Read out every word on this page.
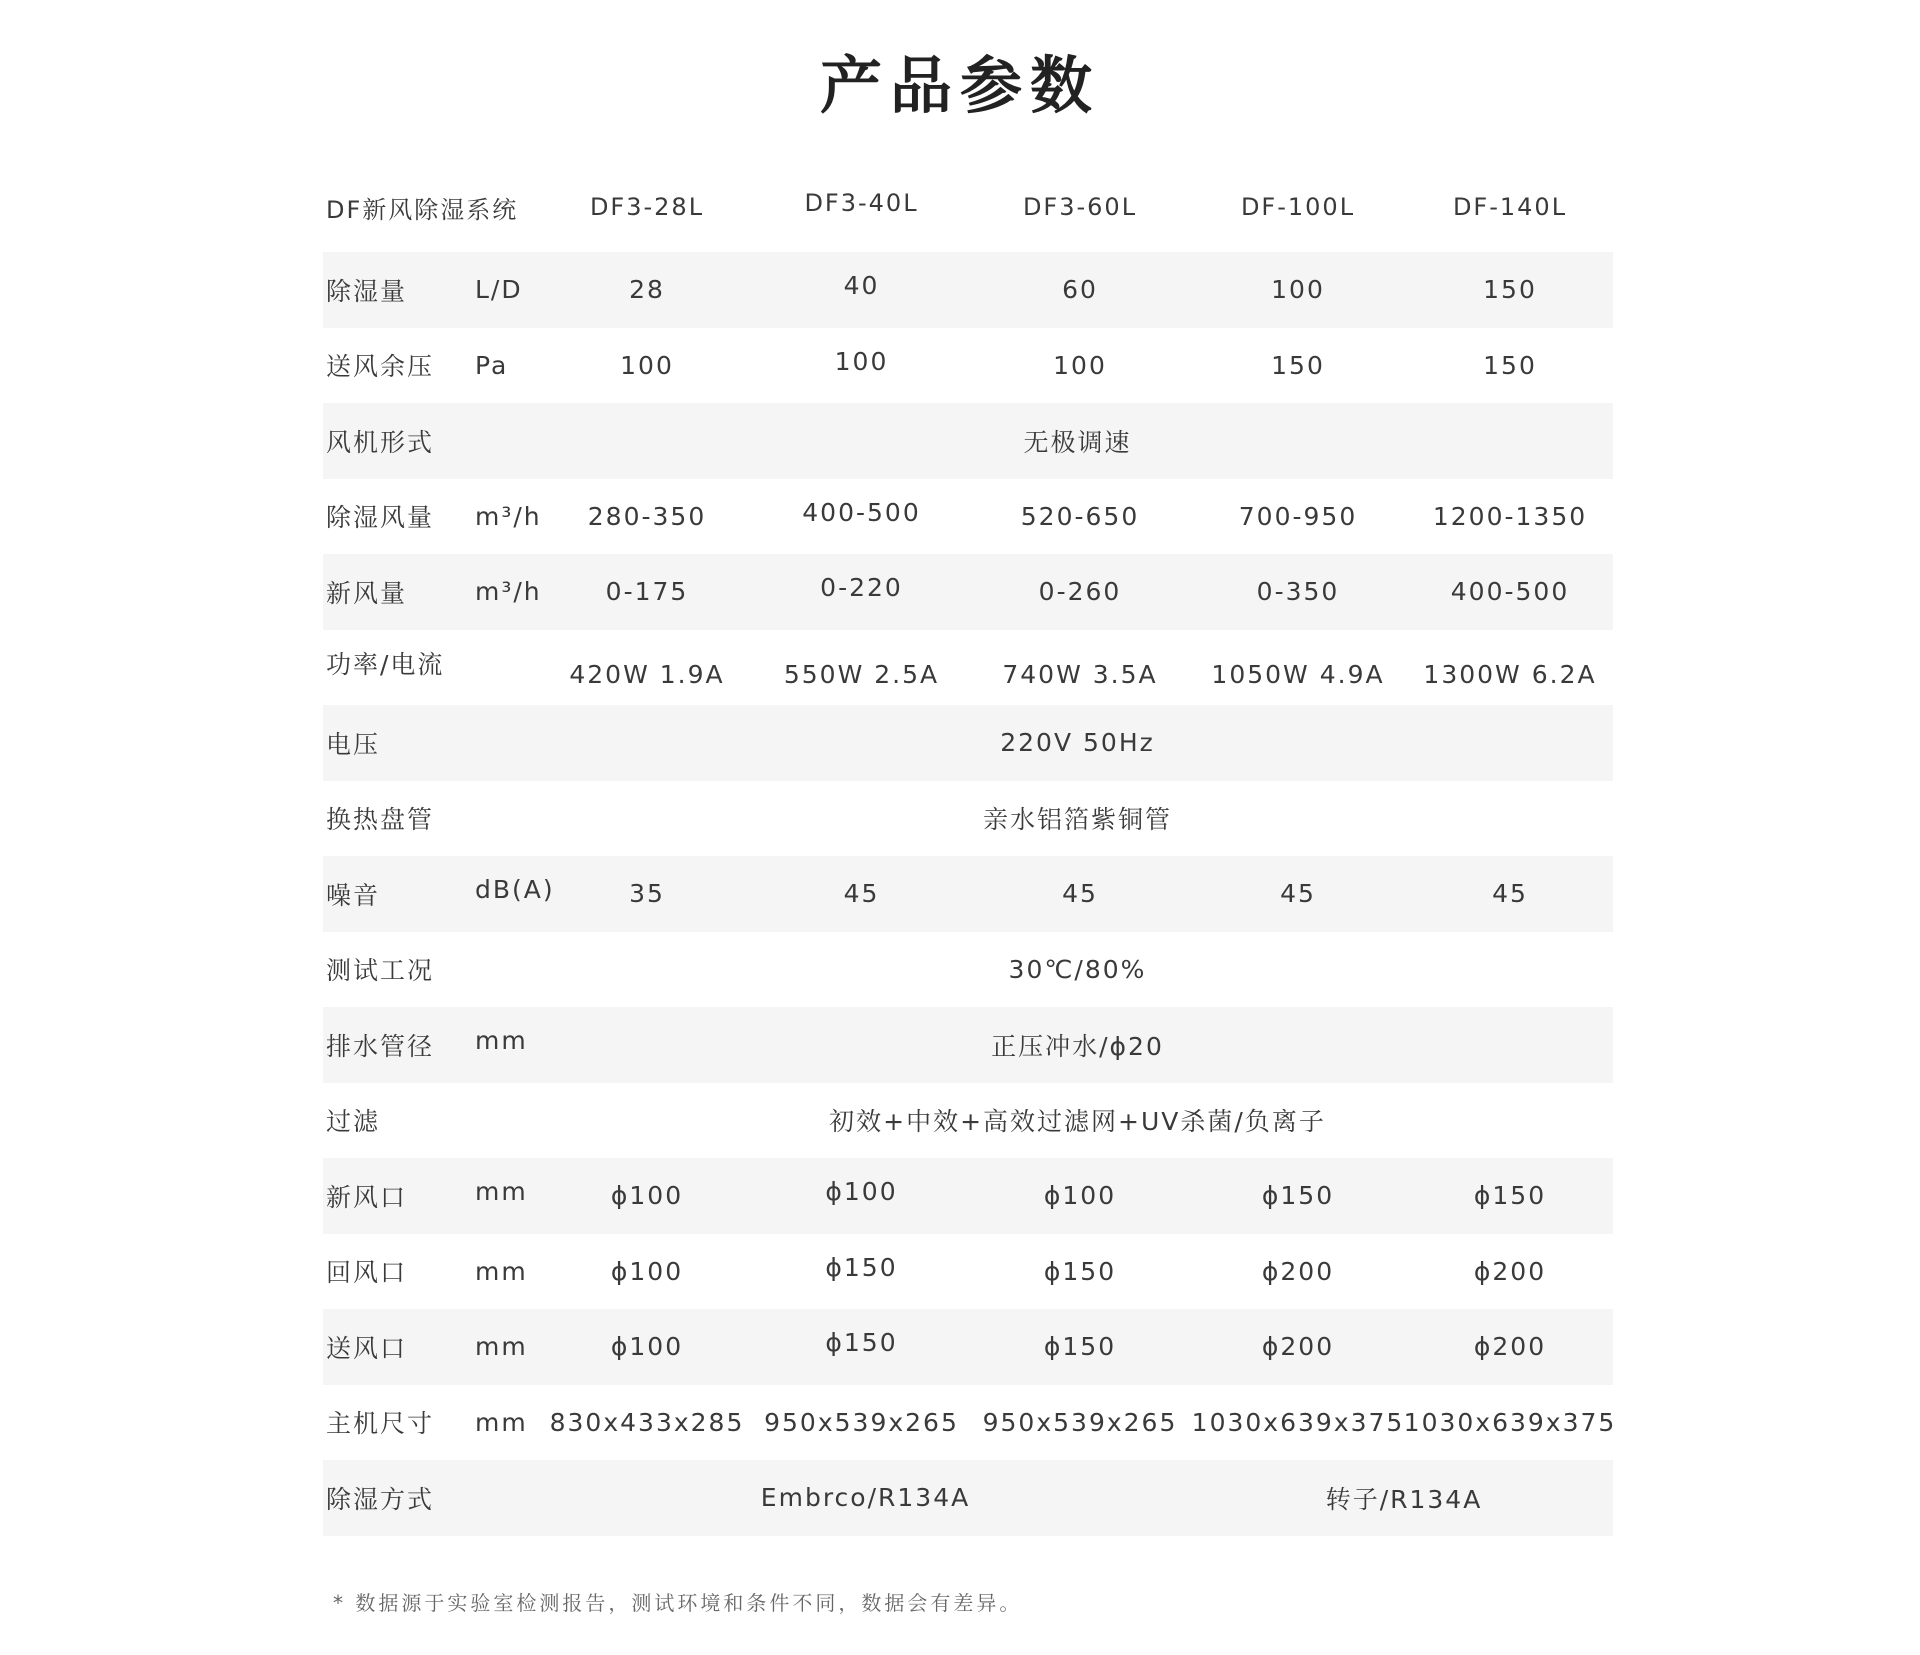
产品参数
DF新风除湿系统	DF3-28L	DF3-40L	DF3-60L	DF-100L	DF-140L
除湿量	L/D	28	40	60	100	150
送风余压	Pa	100	100	100	150	150
风机形式	无极调速
除湿风量	m³/h	280-350	400-500	520-650	700-950	1200-1350
新风量	m³/h	0-175	0-220	0-260	0-350	400-500
功率/电流	420W 1.9A	550W 2.5A	740W 3.5A	1050W 4.9A	1300W 6.2A
电压	220V 50Hz
换热盘管	亲水铝箔紫铜管
噪音	dB(A)	35	45	45	45	45
测试工况	30℃/80%
排水管径	mm	正压冲水/ϕ20
过滤	初效+中效+高效过滤网+UV杀菌/负离子
新风口	mm	ϕ100	ϕ100	ϕ100	ϕ150	ϕ150
回风口	mm	ϕ100	ϕ150	ϕ150	ϕ200	ϕ200
送风口	mm	ϕ100	ϕ150	ϕ150	ϕ200	ϕ200
主机尺寸	mm 830x433x285 950x539x265 950x539x265 1030x639x375 1030x639x375
除湿方式	Embrco/R134A	转子/R134A
* 数据源于实验室检测报告，测试环境和条件不同，数据会有差异。
